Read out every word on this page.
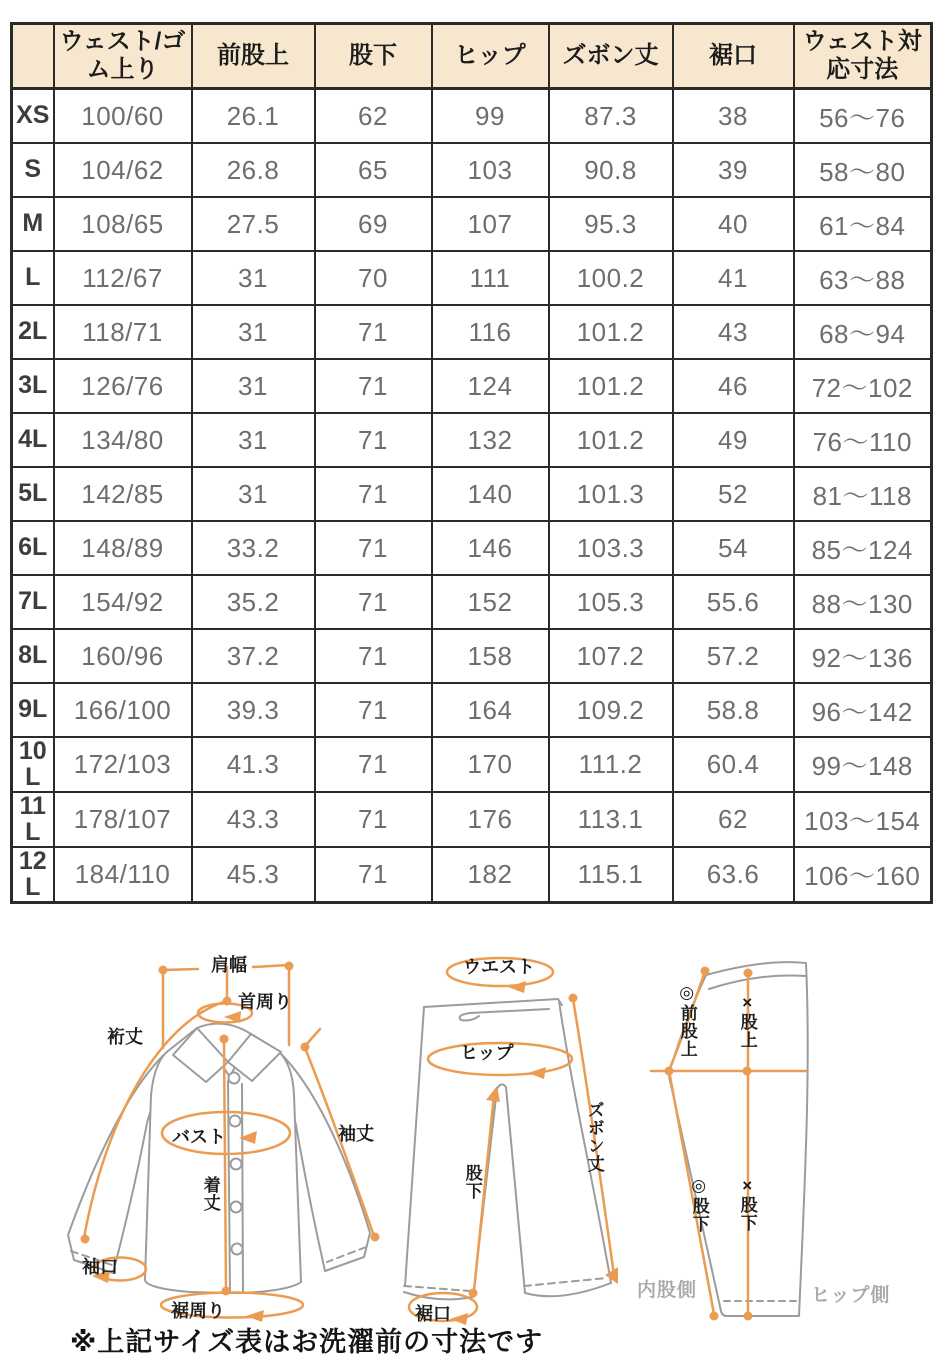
	ウェスト/ゴム上り	前股上	股下	ヒップ	ズボン丈	裾口	ウェスト対応寸法
XS	100/60	26.1	62	99	87.3	38	56〜76
S	104/62	26.8	65	103	90.8	39	58〜80
M	108/65	27.5	69	107	95.3	40	61〜84
L	112/67	31	70	111	100.2	41	63〜88
2L	118/71	31	71	116	101.2	43	68〜94
3L	126/76	31	71	124	101.2	46	72〜102
4L	134/80	31	71	132	101.2	49	76〜110
5L	142/85	31	71	140	101.3	52	81〜118
6L	148/89	33.2	71	146	103.3	54	85〜124
7L	154/92	35.2	71	152	105.3	55.6	88〜130
8L	160/96	37.2	71	158	107.2	57.2	92〜136
9L	166/100	39.3	71	164	109.2	58.8	96〜142
10L	172/103	41.3	71	170	111.2	60.4	99〜148
11L	178/107	43.3	71	176	113.1	62	103〜154
12L	184/110	45.3	71	182	115.1	63.6	106〜160
肩幅
首周り
裄丈
バスト	袖丈
着丈
袖口
裾周り
ウエスト
ヒップ
ズボン丈
股下
裾口
◎前股上 ×股上
◎股下 ×股下
内股側	ヒップ側
※上記サイズ表はお洗濯前の寸法です
